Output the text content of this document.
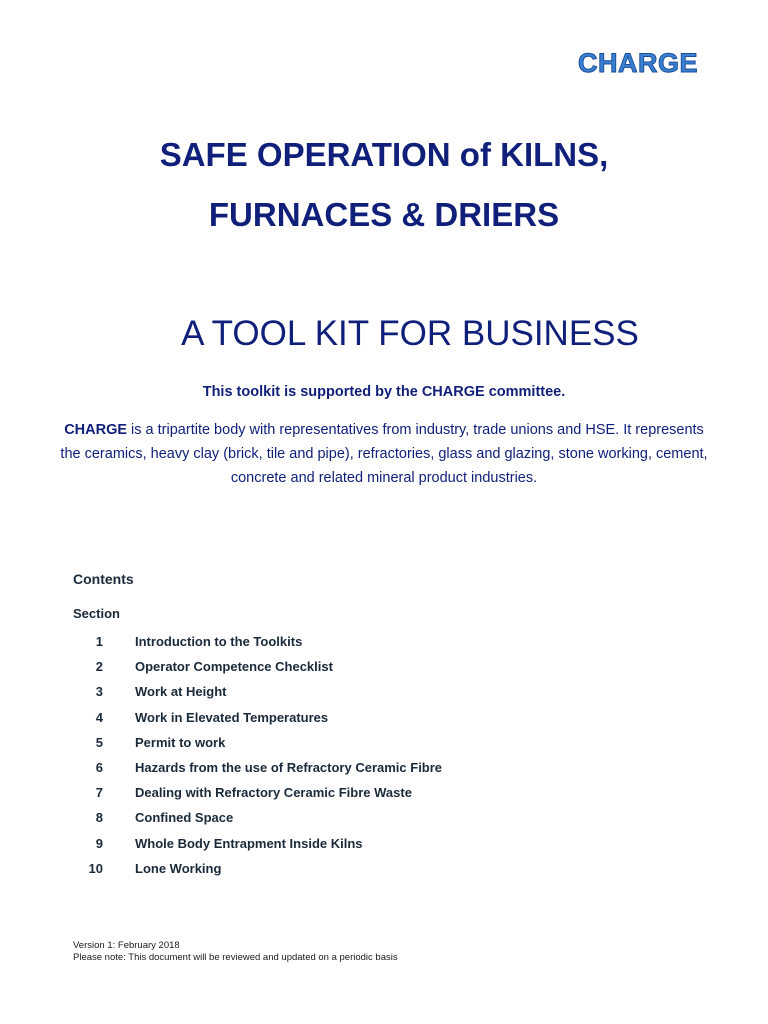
CHARGE
SAFE OPERATION of KILNS,
FURNACES & DRIERS
A TOOL KIT FOR BUSINESS
This toolkit is supported by the CHARGE committee.
CHARGE is a tripartite body with representatives from industry, trade unions and HSE. It represents the ceramics, heavy clay (brick, tile and pipe), refractories, glass and glazing, stone working, cement, concrete and related mineral product industries.
Contents
Section
1 Introduction to the Toolkits
2 Operator Competence Checklist
3 Work at Height
4 Work in Elevated Temperatures
5 Permit to work
6 Hazards from the use of Refractory Ceramic Fibre
7 Dealing with Refractory Ceramic Fibre Waste
8 Confined Space
9 Whole Body Entrapment Inside Kilns
10 Lone Working
Version 1: February 2018
Please note: This document will be reviewed and updated on a periodic basis
